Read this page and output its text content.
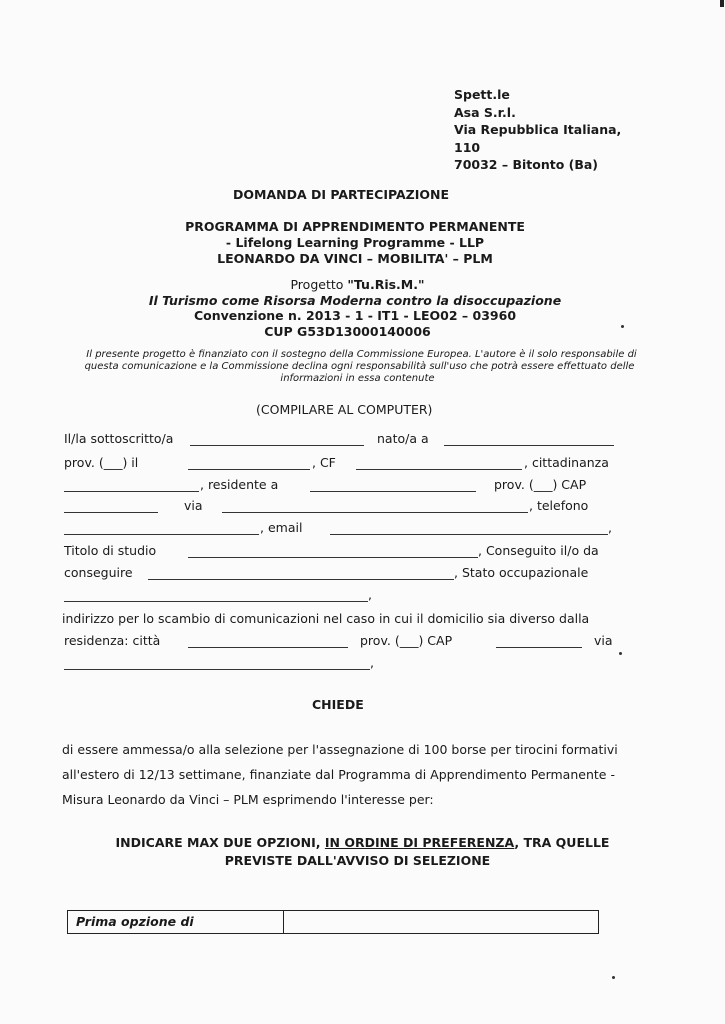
Spett.le
Asa S.r.l.
Via Repubblica Italiana,
110
70032 – Bitonto (Ba)
DOMANDA DI PARTECIPAZIONE
PROGRAMMA DI APPRENDIMENTO PERMANENTE
- Lifelong Learning Programme - LLP
LEONARDO DA VINCI – MOBILITA' – PLM
Progetto "Tu.Ris.M."
Il Turismo come Risorsa Moderna contro la disoccupazione
Convenzione n. 2013 - 1 - IT1 - LEO02 – 03960
CUP G53D13000140006
Il presente progetto è finanziato con il sostegno della Commissione Europea. L'autore è il solo responsabile di
questa comunicazione e la Commissione declina ogni responsabilità sull'uso che potrà essere effettuato delle
informazioni in essa contenute
(COMPILARE AL COMPUTER)
Il/la sottoscritto/a	nato/a a
prov. (___) il	, CF	, cittadinanza
, residente a	prov. (___) CAP
via	, telefono
, email	,
Titolo di studio	, Conseguito il/o da
conseguire	, Stato occupazionale
,
indirizzo per lo scambio di comunicazioni nel caso in cui il domicilio sia diverso dalla
residenza: città	prov. (___) CAP	via
,
CHIEDE
di essere ammessa/o alla selezione per l'assegnazione di 100 borse per tirocini formativi
all'estero di 12/13 settimane, finanziate dal Programma di Apprendimento Permanente -
Misura Leonardo da Vinci – PLM esprimendo l'interesse per:
INDICARE MAX DUE OPZIONI, IN ORDINE DI PREFERENZA, TRA QUELLE
PREVISTE DALL'AVVISO DI SELEZIONE
Prima opzione di
